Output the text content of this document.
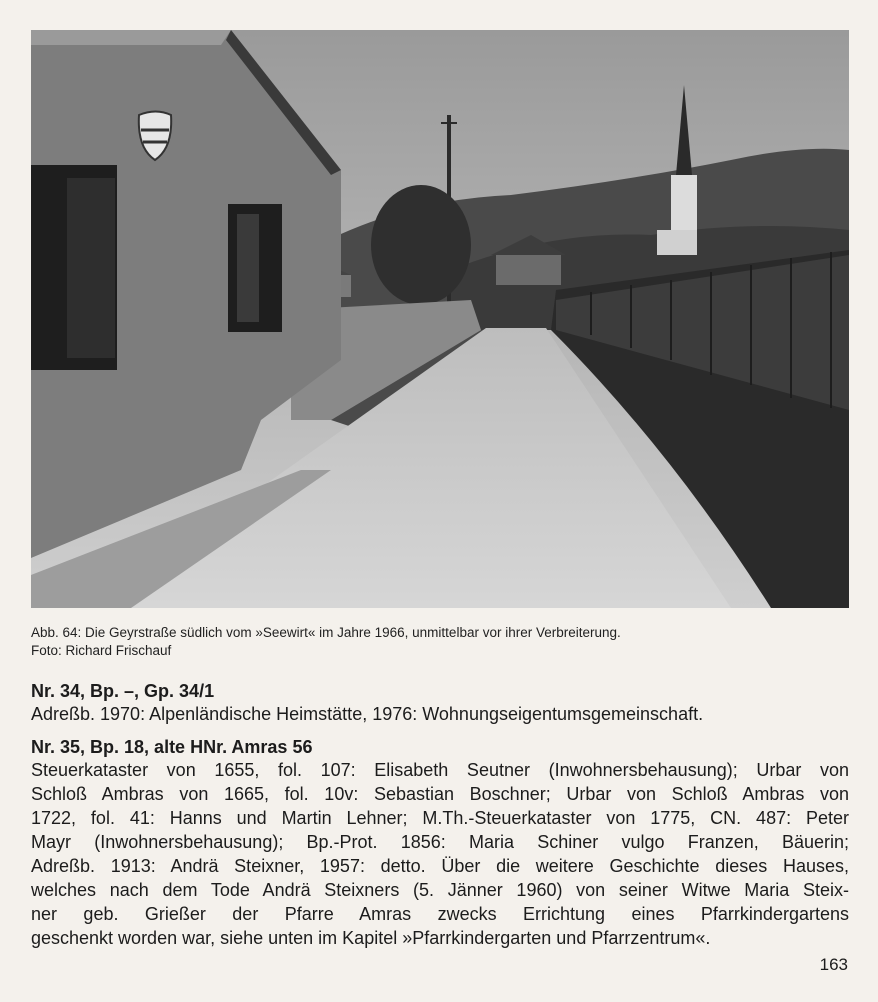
Abb. 64: Die Geyrstraße südlich vom »Seewirt« im Jahre 1966, unmittelbar vor ihrer Verbreiterung.
Foto: Richard Frischauf
Nr. 34, Bp. –, Gp. 34/1
Adreßb. 1970: Alpenländische Heimstätte, 1976: Wohnungseigentumsgemeinschaft.
Nr. 35, Bp. 18, alte HNr. Amras 56
Steuerkataster von 1655, fol. 107: Elisabeth Seutner (Inwohnersbehausung); Urbar von
Schloß Ambras von 1665, fol. 10v: Sebastian Boschner; Urbar von Schloß Ambras von
1722, fol. 41: Hanns und Martin Lehner; M.Th.-Steuerkataster von 1775, CN. 487: Peter
Mayr (Inwohnersbehausung); Bp.-Prot. 1856: Maria Schiner vulgo Franzen, Bäuerin;
Adreßb. 1913: Andrä Steixner, 1957: detto. Über die weitere Geschichte dieses Hauses,
welches nach dem Tode Andrä Steixners (5. Jänner 1960) von seiner Witwe Maria Steix-
ner geb. Grießer der Pfarre Amras zwecks Errichtung eines Pfarrkindergartens
geschenkt worden war, siehe unten im Kapitel »Pfarrkindergarten und Pfarrzentrum«.
163
